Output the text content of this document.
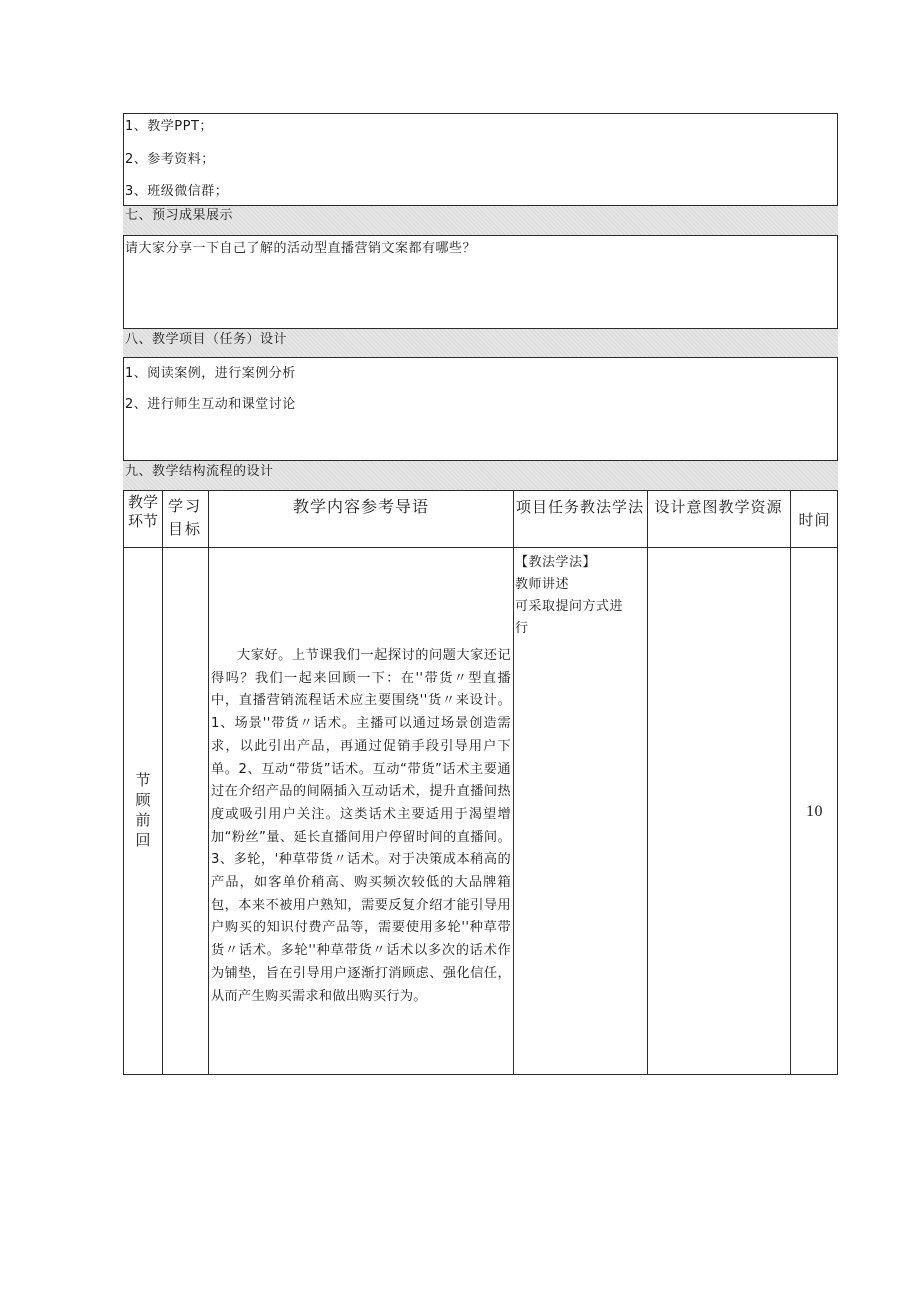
1、教学PPT；
2、参考资料；
3、班级微信群；
七、预习成果展示
请大家分享一下自己了解的活动型直播营销文案都有哪些？
八、教学项目（任务）设计
1、阅读案例，进行案例分析
2、进行师生互动和课堂讨论
九、教学结构流程的设计
教学环节
学习目标
教学内容参考导语	项目任务教法学法 设计意图教学资源
时间
节顾前回
大家好。上节课我们一起探讨的问题大家还记得吗？我们一起来回顾一下：在''带货〃型直播中，直播营销流程话术应主要围绕''货〃来设计。1、场景''带货〃话术。主播可以通过场景创造需求，以此引出产品，再通过促销手段引导用户下单。2、互动“带货”话术。互动“带货”话术主要通过在介绍产品的间隔插入互动话术，提升直播间热度或吸引用户关注。这类话术主要适用于渴望增加“粉丝”量、延长直播间用户停留时间的直播间。3、多轮，'种草带货〃话术。对于决策成本稍高的产品，如客单价稍高、购买频次较低的大品牌箱包，本来不被用户熟知，需要反复介绍才能引导用户购买的知识付费产品等，需要使用多轮''种草带货〃话术。多轮''种草带货〃话术以多次的话术作为铺垫，旨在引导用户逐渐打消顾虑、强化信任，从而产生购买需求和做出购买行为。
【教法学法】
教师讲述
可采取提问方式进
行
10
